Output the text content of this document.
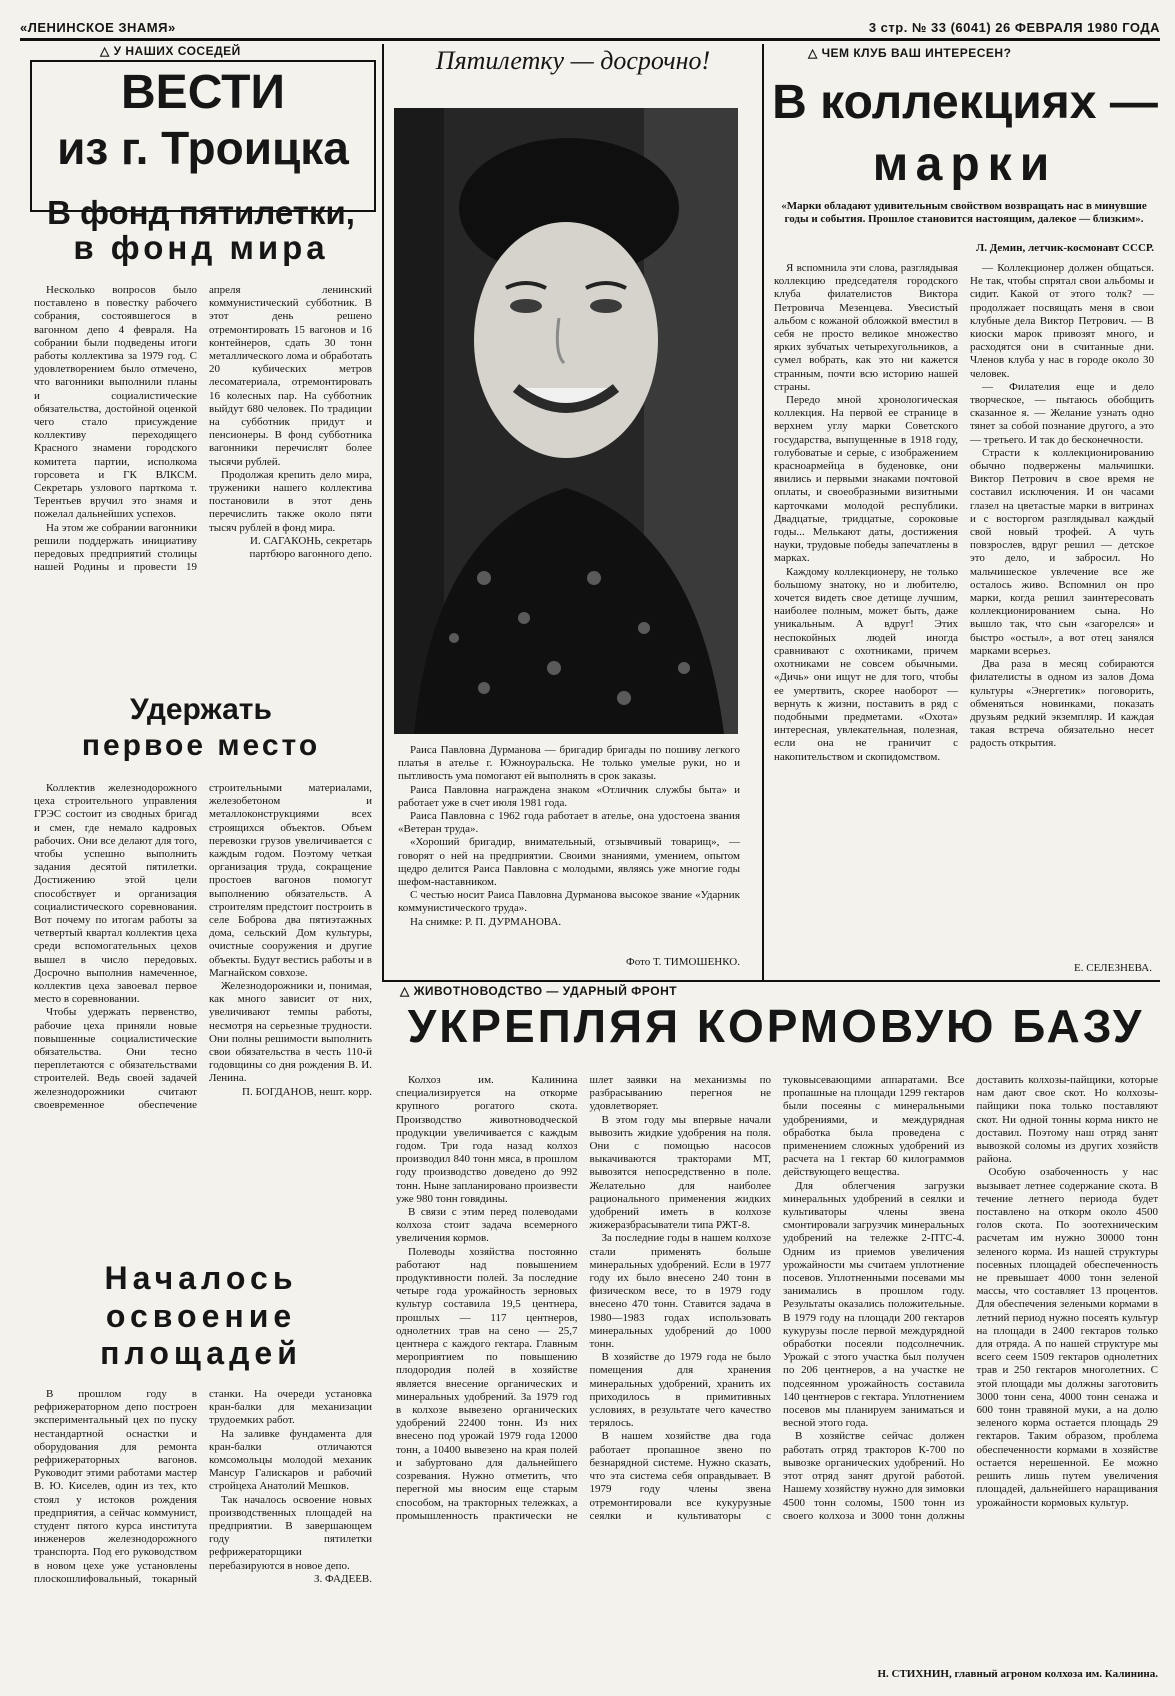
«ЛЕНИНСКОЕ ЗНАМЯ»	3 стр. № 33 (6041) 26 ФЕВРАЛЯ 1980 ГОДА
△ У НАШИХ СОСЕДЕЙ
ВЕСТИ
из г. Троицка
В фонд пятилетки,
в фонд мира

Несколько вопросов было поставлено в повестку рабочего собрания, состоявшегося в вагонном депо 4 февраля. На собрании были подведены итоги работы коллектива за 1979 год. С удовлетворением было отмечено, что вагонники выполнили планы и социалистические обязательства, достойной оценкой чего стало присуждение коллективу переходящего Красного знамени городского комитета партии, исполкома горсовета и ГК ВЛКСМ. Секретарь узлового парткома т. Терентьев вручил это знамя и пожелал дальнейших успехов.

На этом же собрании вагонники решили поддержать инициативу передовых предприятий столицы нашей Родины и провести 19 апреля ленинский коммунистический субботник. В этот день решено отремонтировать 15 вагонов и 16 контейнеров, сдать 30 тонн металлического лома и обработать 20 кубических метров лесоматериала, отремонтировать 16 колесных пар. На субботник выйдут 680 человек. По традиции на субботник придут и пенсионеры. В фонд субботника вагонники перечислят более тысячи рублей.

Продолжая крепить дело мира, труженики нашего коллектива постановили в этот день перечислить также около пяти тысяч рублей в фонд мира.

И. САГАКОНЬ, секретарь партбюро вагонного депо.
Удержать
первое место

Коллектив железнодорожного цеха строительного управления ГРЭС состоит из сводных бригад и смен, где немало кадровых рабочих. Они все делают для того, чтобы успешно выполнить задания десятой пятилетки. Достижению этой цели способствует и организация социалистического соревнования. Вот почему по итогам работы за четвертый квартал коллектив цеха среди вспомогательных цехов вышел в число передовых. Досрочно выполнив намеченное, коллектив цеха завоевал первое место в соревновании.

Чтобы удержать первенство, рабочие цеха приняли новые повышенные социалистические обязательства. Они тесно переплетаются с обязательствами строителей. Ведь своей задачей железнодорожники считают своевременное обеспечение строительными материалами, железобетоном и металлоконструкциями всех строящихся объектов. Объем перевозки грузов увеличивается с каждым годом. Поэтому четкая организация труда, сокращение простоев вагонов помогут выполнению обязательств. А строителям предстоит построить в селе Боброва два пятиэтажных дома, сельский Дом культуры, очистные сооружения и другие объекты. Будут вестись работы и в Магнайском совхозе.

Железнодорожники и, понимая, как много зависит от них, увеличивают темпы работы, несмотря на серьезные трудности. Они полны решимости выполнить свои обязательства в честь 110-й годовщины со дня рождения В. И. Ленина.

П. БОГДАНОВ, нешт. корр.
Началось
освоение
площадей

В прошлом году в рефрижераторном депо построен экспериментальный цех по пуску нестандартной оснастки и оборудования для ремонта рефрижераторных вагонов. Руководит этими работами мастер В. Ю. Киселев, один из тех, кто стоял у истоков рождения предприятия, а сейчас коммунист, студент пятого курса института инженеров железнодорожного транспорта. Под его руководством в новом цехе уже установлены плоскошлифовальный, токарный станки. На очереди установка кран-балки для механизации трудоемких работ.

На заливке фундамента для кран-балки отличаются комсомольцы молодой механик Мансур Галискаров и рабочий стройцеха Анатолий Мешков.

Так началось освоение новых производственных площадей на предприятии. В завершающем году пятилетки рефрижераторщики перебазируются в новое депо.

З. ФАДЕЕВ.
Пятилетку — досрочно!

Раиса Павловна Дурманова — бригадир бригады по пошиву легкого платья в ателье г. Южноуральска. Не только умелые руки, но и пытливость ума помогают ей выполнять в срок заказы.

Раиса Павловна награждена знаком «Отличник службы быта» и работает уже в счет июля 1981 года.

Раиса Павловна с 1962 года работает в ателье, она удостоена звания «Ветеран труда».

«Хороший бригадир, внимательный, отзывчивый товарищ», — говорят о ней на предприятии. Своими знаниями, умением, опытом щедро делится Раиса Павловна с молодыми, являясь уже многие годы шефом-наставником.

С честью носит Раиса Павловна Дурманова высокое звание «Ударник коммунистического труда».

На снимке: Р. П. ДУРМАНОВА.

Фото Т. ТИМОШЕНКО.
△ ЧЕМ КЛУБ ВАШ ИНТЕРЕСЕН?
В коллекциях —
марки
«Марки обладают удивительным свойством возвращать нас в минувшие годы и события. Прошлое становится настоящим, далекое — близким».
Л. Демин, летчик-космонавт СССР.

Я вспомнила эти слова, разглядывая коллекцию председателя городского клуба филателистов Виктора Петровича Мезенцева. Увесистый альбом с кожаной обложкой вместил в себя не просто великое множество ярких зубчатых четырехугольников, а сумел вобрать, как это ни кажется странным, почти всю историю нашей страны.

Передо мной хронологическая коллекция. На первой ее странице в верхнем углу марки Советского государства, выпущенные в 1918 году, голубоватые и серые, с изображением красноармейца в буденовке, они явились и первыми знаками почтовой оплаты, и своеобразными визитными карточками молодой республики. Двадцатые, тридцатые, сороковые годы... Мелькают даты, достижения науки, трудовые победы запечатлены в марках.

Каждому коллекционеру, не только большому знатоку, но и любителю, хочется видеть свое детище лучшим, наиболее полным, может быть, даже уникальным. А вдруг! Этих неспокойных людей иногда сравнивают с охотниками, причем охотниками не совсем обычными. «Дичь» они ищут не для того, чтобы ее умертвить, скорее наоборот — вернуть к жизни, поставить в ряд с подобными предметами. «Охота» интересная, увлекательная, полезная, если она не граничит с накопительством и скопидомством.

— Коллекционер должен общаться. Не так, чтобы спрятал свои альбомы и сидит. Какой от этого толк? — продолжает посвящать меня в свои клубные дела Виктор Петрович. — В киоски марок привозят много, и расходятся они в считанные дни. Членов клуба у нас в городе около 30 человек.

— Филателия еще и дело творческое, — пытаюсь обобщить сказанное я. — Желание узнать одно тянет за собой познание другого, а это — третьего. И так до бесконечности.

Страсти к коллекционированию обычно подвержены мальчишки. Виктор Петрович в свое время не составил исключения. И он часами глазел на цветастые марки в витринах и с восторгом разглядывал каждый свой новый трофей. А чуть повзрослев, вдруг решил — детское это дело, и забросил. Но мальчишеское увлечение все же осталось живо. Вспомнил он про марки, когда решил заинтересовать коллекционированием сына. Но вышло так, что сын «загорелся» и быстро «остыл», а вот отец занялся марками всерьез.

Два раза в месяц собираются филателисты в одном из залов Дома культуры «Энергетик» поговорить, обменяться новинками, показать друзьям редкий экземпляр. И каждая такая встреча обязательно несет радость открытия.

Е. СЕЛЕЗНЕВА.
△ ЖИВОТНОВОДСТВО — УДАРНЫЙ ФРОНТ
УКРЕПЛЯЯ КОРМОВУЮ БАЗУ

Колхоз им. Калинина специализируется на откорме крупного рогатого скота. Производство животноводческой продукции увеличивается с каждым годом. Три года назад колхоз производил 840 тонн мяса, в прошлом году производство доведено до 992 тонн. Ныне запланировано произвести уже 980 тонн говядины.

В связи с этим перед полеводами колхоза стоит задача всемерного увеличения кормов.

Полеводы хозяйства постоянно работают над повышением продуктивности полей. За последние четыре года урожайность зерновых культур составила 19,5 центнера, прошлых — 117 центнеров, однолетних трав на сено — 25,7 центнера с каждого гектара. Главным мероприятием по повышению плодородия полей в хозяйстве является внесение органических и минеральных удобрений. За 1979 год в колхозе вывезено органических удобрений 22400 тонн. Из них внесено под урожай 1979 года 12000 тонн, а 10400 вывезено на края полей и забуртовано для дальнейшего созревания. Нужно отметить, что перегной мы вносим еще старым способом, на тракторных тележках, а промышленность практически не шлет заявки на механизмы по разбрасыванию перегноя не удовлетворяет.

В этом году мы впервые начали вывозить жидкие удобрения на поля. Они с помощью насосов выкачиваются тракторами МТ, вывозятся непосредственно в поле. Желательно для наиболее рационального применения жидких удобрений иметь в колхозе жижеразбрасыватели типа РЖТ-8.

За последние годы в нашем колхозе стали применять больше минеральных удобрений. Если в 1977 году их было внесено 240 тонн в физическом весе, то в 1979 году внесено 470 тонн. Ставится задача в 1980—1983 годах использовать минеральных удобрений до 1000 тонн.

В хозяйстве до 1979 года не было помещения для хранения минеральных удобрений, хранить их приходилось в примитивных условиях, в результате чего качество терялось.

В нашем хозяйстве два года работает пропашное звено по безнарядной системе. Нужно сказать, что эта система себя оправдывает. В 1979 году члены звена отремонтировали все кукурузные сеялки и культиваторы с туковысевающими аппаратами. Все пропашные на площади 1299 гектаров были посеяны с минеральными удобрениями, и междурядная обработка была проведена с применением сложных удобрений из расчета на 1 гектар 60 килограммов действующего вещества.

Для облегчения загрузки минеральных удобрений в сеялки и культиваторы члены звена смонтировали загрузчик минеральных удобрений на тележке 2-ПТС-4. Одним из приемов увеличения урожайности мы считаем уплотнение посевов. Уплотненными посевами мы занимались в прошлом году. Результаты оказались положительные. В 1979 году на площади 200 гектаров кукурузы после первой междурядной обработки посеяли подсолнечник. Урожай с этого участка был получен по 206 центнеров, а на участке не подсеянном урожайность составила 140 центнеров с гектара. Уплотнением посевов мы планируем заниматься и весной этого года.

В хозяйстве сейчас должен работать отряд тракторов К-700 по вывозке органических удобрений. Но этот отряд занят другой работой. Нашему хозяйству нужно для зимовки 4500 тонн соломы, 1500 тонн из своего колхоза и 3000 тонн должны доставить колхозы-пайщики, которые нам дают свое скот. Но колхозы-пайщики пока только поставляют скот. Ни одной тонны корма никто не доставил. Поэтому наш отряд занят вывозкой соломы из других хозяйств района.

Особую озабоченность у нас вызывает летнее содержание скота. В течение летнего периода будет поставлено на откорм около 4500 голов скота. По зоотехническим расчетам им нужно 30000 тонн зеленого корма. Из нашей структуры посевных площадей обеспеченность не превышает 4000 тонн зеленой массы, что составляет 13 процентов. Для обеспечения зелеными кормами в летний период нужно посеять культур на площади в 2400 гектаров только для отряда. А по нашей структуре мы всего сеем 1509 гектаров однолетних трав и 250 гектаров многолетних. С этой площади мы должны заготовить 3000 тонн сена, 4000 тонн сенажа и 600 тонн травяной муки, а на долю зеленого корма остается площадь 29 гектаров. Таким образом, проблема обеспеченности кормами в хозяйстве остается нерешенной. Ее можно решить лишь путем увеличения площадей, дальнейшего наращивания урожайности кормовых культур.

Н. СТИХНИН, главный агроном колхоза им. Калинина.
